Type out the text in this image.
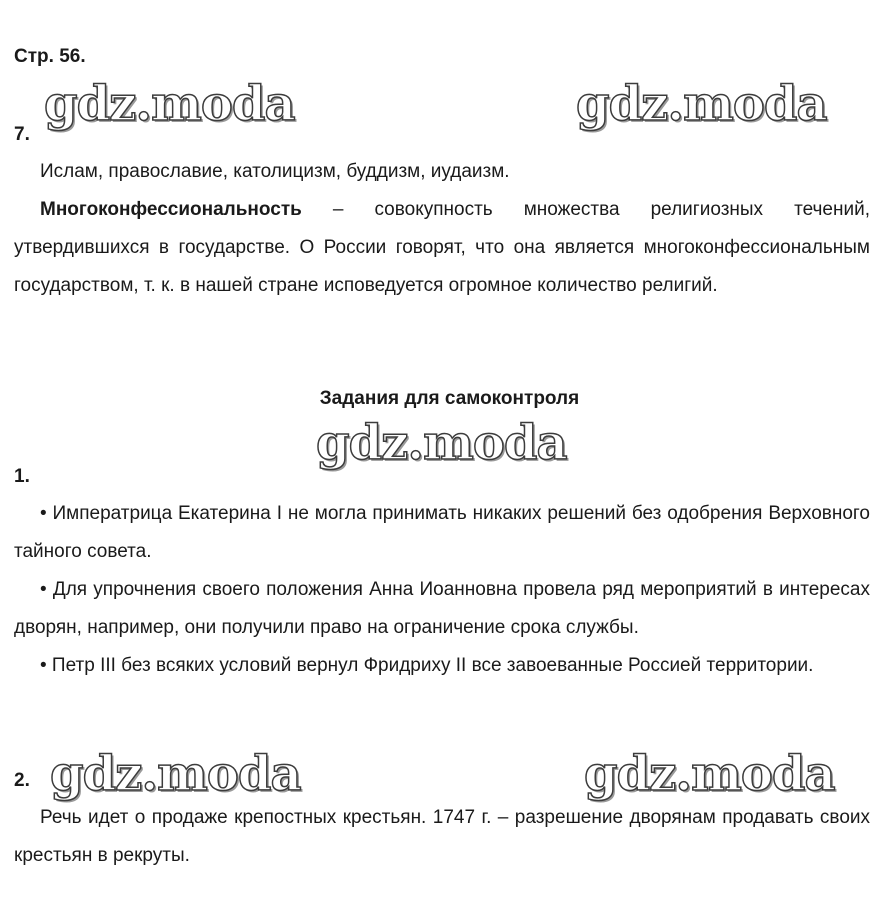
Стр. 56.
gdz.moda	gdz.moda
gdz.moda
gdz.moda	gdz.moda
7.

Ислам, православие, католицизм, буддизм, иудаизм.

Многоконфессиональность – совокупность множества религиозных течений, утвердившихся в государстве. О России говорят, что она является многоконфессиональным государством, т. к. в нашей стране исповедуется огромное количество религий.

Задания для самоконтроля
1.

• Императрица Екатерина I не могла принимать никаких решений без одобрения Верховного тайного совета.

• Для упрочнения своего положения Анна Иоанновна провела ряд мероприятий в интересах дворян, например, они получили право на ограничение срока службы.

• Петр III без всяких условий вернул Фридриху II все завоеванные Россией территории.

2.

Речь идет о продаже крепостных крестьян. 1747 г. – разрешение дворянам продавать своих крестьян в рекруты.
